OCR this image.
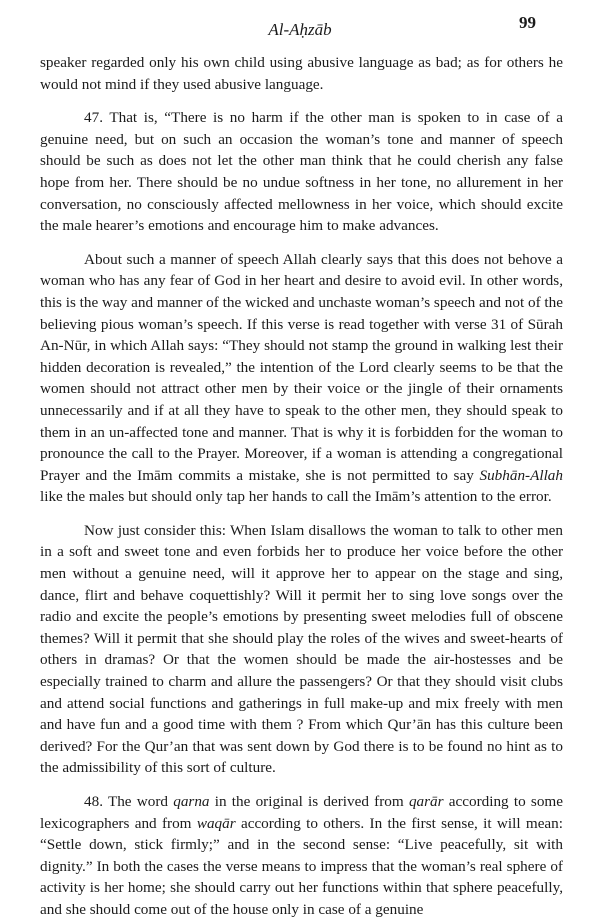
Al-Aḥzāb	99

speaker regarded only his own child using abusive language as bad; as for others he would not mind if they used abusive language.

47. That is, “There is no harm if the other man is spoken to in case of a genuine need, but on such an occasion the woman’s tone and manner of speech should be such as does not let the other man think that he could cherish any false hope from her. There should be no undue softness in her tone, no allurement in her conversation, no consciously affected mellowness in her voice, which should excite the male hearer’s emotions and encourage him to make advances.

About such a manner of speech Allah clearly says that this does not behove a woman who has any fear of God in her heart and desire to avoid evil. In other words, this is the way and manner of the wicked and unchaste woman’s speech and not of the believing pious woman’s speech. If this verse is read together with verse 31 of Sūrah An-Nūr, in which Allah says: “They should not stamp the ground in walking lest their hidden decoration is revealed,” the intention of the Lord clearly seems to be that the women should not attract other men by their voice or the jingle of their ornaments unnecessarily and if at all they have to speak to the other men, they should speak to them in an un-affected tone and manner. That is why it is forbidden for the woman to pronounce the call to the Prayer. Moreover, if a woman is attending a congregational Prayer and the Imām commits a mistake, she is not permitted to say Subhān-Allah like the males but should only tap her hands to call the Imām’s attention to the error.

Now just consider this: When Islam disallows the woman to talk to other men in a soft and sweet tone and even forbids her to produce her voice before the other men without a genuine need, will it approve her to appear on the stage and sing, dance, flirt and behave coquettishly? Will it permit her to sing love songs over the radio and excite the people’s emotions by presenting sweet melodies full of obscene themes? Will it permit that she should play the roles of the wives and sweet-hearts of others in dramas? Or that the women should be made the air-hostesses and be especially trained to charm and allure the passengers? Or that they should visit clubs and attend social functions and gatherings in full make-up and mix freely with men and have fun and a good time with them ? From which Qur’ān has this culture been derived? For the Qur’an that was sent down by God there is to be found no hint as to the admissibility of this sort of culture.

48. The word qarna in the original is derived from qarār according to some lexicographers and from waqār according to others. In the first sense, it will mean: “Settle down, stick firmly;” and in the second sense: “Live peacefully, sit with dignity.” In both the cases the verse means to impress that the woman’s real sphere of activity is her home; she should carry out her functions within that sphere peacefully, and she should come out of the house only in case of a genuine
